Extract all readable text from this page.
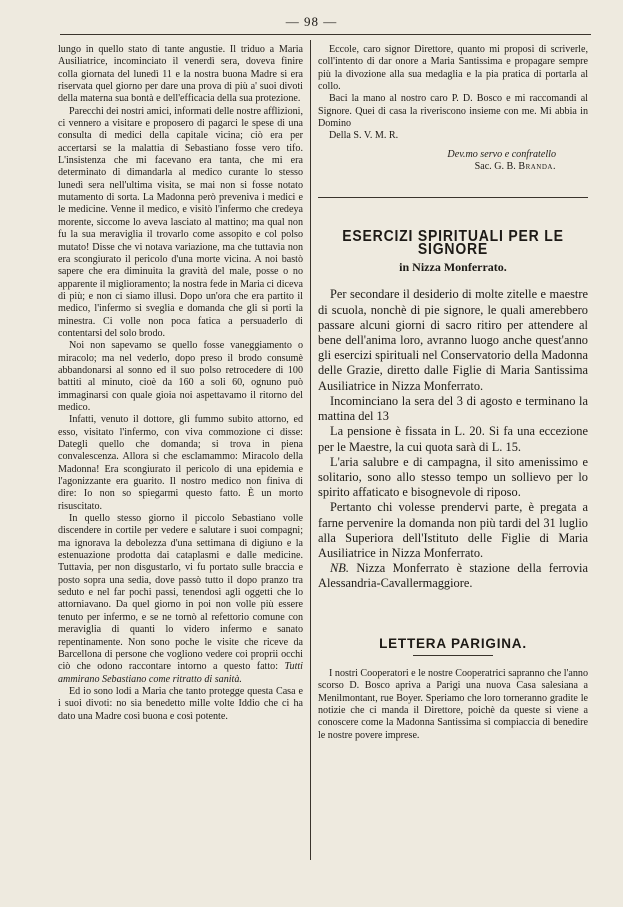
— 98 —

lungo in quello stato di tante angustie. Il triduo a Maria Ausiliatrice, incominciato il venerdì sera, doveva finire colla giornata del lunedì 11 e la nostra buona Madre si era riservata quel giorno per dare una prova di più a' suoi divoti della materna sua bontà e dell'efficacia della sua protezione.

Parecchi dei nostri amici, informati delle nostre afflizioni, ci vennero a visitare e proposero di pagarci le spese di una consulta di medici della capitale vicina; ciò era per accertarsi se la malattia di Sebastiano fosse vero tifo. L'insistenza che mi facevano era tanta, che mi era determinato di dimandarla al medico curante lo stesso lunedì sera nell'ultima visita, se mai non si fosse notato mutamento di sorta. La Madonna però preveniva i medici e le medicine. Venne il medico, e visitò l'infermo che credeya morente, siccome lo aveva lasciato al mattino; ma qual non fu la sua meraviglia il trovarlo come assopito e col polso mutato! Disse che vi notava variazione, ma che tuttavia non era scongiurato il pericolo d'una morte vicina. A noi bastò sapere che era diminuita la gravità del male, posse o no apparente il miglioramento; la nostra fede in Maria ci diceva di più; e non ci siamo illusi. Dopo un'ora che era partito il medico, l'infermo si sveglia e domanda che gli si porti la minestra. Ci volle non poca fatica a persuaderlo di contentarsi del solo brodo.

Noi non sapevamo se quello fosse vaneggiamento o miracolo; ma nel vederlo, dopo preso il brodo consumè abbandonarsi al sonno ed il suo polso retrocedere di 100 battiti al minuto, cioè da 160 a soli 60, ognuno può immaginarsi con quale gioia noi aspettavamo il ritorno del medico.

Infatti, venuto il dottore, gli fummo subito attorno, ed esso, visitato l'infermo, con viva commozione ci disse: Dategli quello che domanda; si trova in piena convalescenza. Allora si che esclamammo: Miracolo della Madonna! Era scongiurato il pericolo di una epidemia e l'agonizzante era guarito. Il nostro medico non finiva di dire: Io non so spiegarmi questo fatto. È un morto risuscitato.

In quello stesso giorno il piccolo Sebastiano volle discendere in cortile per vedere e salutare i suoi compagni; ma ignorava la debolezza d'una settimana di digiuno e la estenuazione prodotta dai cataplasmi e dalle medicine. Tuttavia, per non disgustarlo, vi fu portato sulle braccia e posto sopra una sedia, dove passò tutto il dopo pranzo tra seduto e nel far pochi passi, tenendosi agli oggetti che lo attorniavano. Da quel giorno in poi non volle più essere tenuto per infermo, e se ne tornò al refettorio comune con meraviglia di quanti lo videro infermo e sanato repentinamente. Non sono poche le visite che riceve da Barcellona di persone che vogliono vedere coi proprii occhi ciò che odono raccontare intorno a questo fatto: Tutti ammirano Sebastiano come ritratto di sanità.

Ed io sono lodi a Maria che tanto protegge questa Casa e i suoi divoti: no sia benedetto mille volte Iddio che ci ha dato una Madre così buona e così potente.

Eccole, caro signor Direttore, quanto mi proposi di scriverle, coll'intento di dar onore a Maria Santissima e propagare sempre più la divozione alla sua medaglia e la pia pratica di portarla al collo.

Baci la mano al nostro caro P. D. Bosco e mi raccomandi al Signore. Quei di casa la riverisconо insieme con me. Mi abbia in Domino

Della S. V. M. R.

Dev.mo servo e confratello
Sac. G. B. Branda.
ESERCIZI SPIRITUALI PER LE SIGNORE
in Nizza Monferrato.

Per secondare il desiderio di molte zitelle e maestre di scuola, nonchè di pie signore, le quali amerebbero passare alcuni giorni di sacro ritiro per attendere al bene dell'anima loro, avranno luogo anche quest'anno gli esercizi spirituali nel Conservatorio della Madonna delle Grazie, diretto dalle Figlie di Maria Santissima Ausiliatrice in Nizza Monferrato.

Incominciano la sera del 3 di agosto e terminano la mattina del 13

La pensione è fissata in L. 20. Si fa una eccezione per le Maestre, la cui quota sarà di L. 15.

L'aria salubre e di campagna, il sito amenissimo e solitario, sono allo stesso tempo un sollievo per lo spirito affaticato e bisognevole di riposo.

Pertanto chi volesse prendervi parte, è pregata a farne pervenire la domanda non più tardi del 31 luglio alla Superiora dell'Istituto delle Figlie di Maria Ausiliatrice in Nizza Monferrato.

NB. Nizza Monferrato è stazione della ferrovia Alessandria-Cavallermaggiore.

LETTERA PARIGINA.

I nostri Cooperatori e le nostre Cooperatrici sapranno che l'anno scorso D. Bosco apriva a Parigi una nuova Casa salesiana a Menilmontant, rue Boyer. Speriamo che loro torneranno gradite le notizie che ci manda il Direttore, poichè da queste si viene a conoscere come la Madonna Santissima si compiaccia di benedire le nostre povere imprese.
